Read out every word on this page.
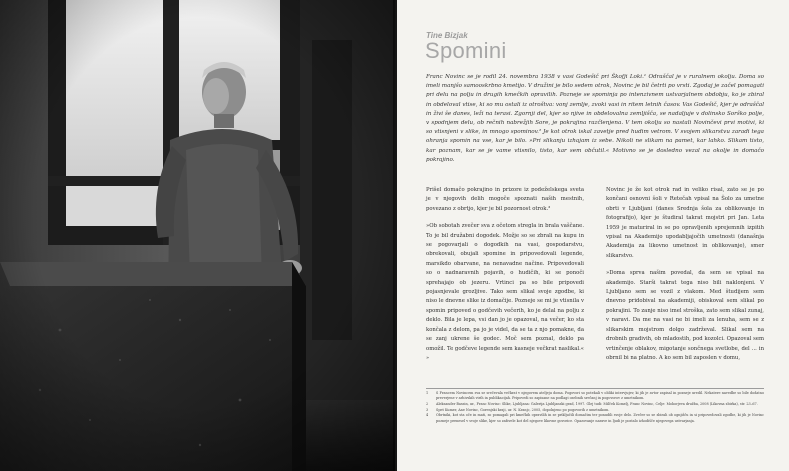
Tine Bizjak

Spomini

Franc Novinc se je rodil 24. novembra 1938 v vasi Godešič pri Škofji Loki.¹ Odraščal je v ruralnem okolju. Doma so imeli manjšo samooskrbno kmetijo. V družini je bilo sedem otrok, Novinc je bil četrti po vrsti. Zgodaj je začel pomagati pri delu na polju in drugih kmečkih opravilih. Pozneje se spominja po intenzivnem ustvarjalnem obdobju, ko je zbiral in obdeloval vtise, ki so mu ostali iz otroštva: vonj zemlje, zvoki vasi in ritem letnih časov. Vas Godešič, kjer je odraščal in živi še danes, leži na terasi. Zgornji del, kjer so njive in obdelovalna zemljišča, se nadaljuje v dolinsko Sorško polje, v spodnjem delu, ob rečnih nabrežjih Sore, je pokrajina razčlenjena. V tem okolju so nastali Novinčevi prvi motivi, ki so vtisnjeni v slike, in mnogo spominov.² Je kot otrok iskal zavetje pred hudim vetrom. V svojem slikarstvu zaradi tega ohranja spomin na vse, kar je bilo. »Pri slikanju izhajam iz sebe. Nikoli ne slikam na pamet, kar lahko. Slikam tisto, kar poznam, kar se je vame vtisnilo, tisto, kar sem občutil.« Motivno se je dosledno vezal na okolje in domačo pokrajino.

Prišel domačo pokrajino in prizore iz podeželskega sveta je v njegovih delih mogoče spoznati naših mestnih, povezano z obrtjo, kjer je bil pozornost otrok.³

»Ob sobotah zvečer sva z očetom stregla in brala vaščane. To je bil družabni dogodek. Možje so se zbrali na kupu in se pogovarjali o dogodkih na vasi, gospodarstvu, obrekovali, obujali spomine in pripovedovali legende, marsikdo obarvane, na nenavadne načine. Pripovedovali so o nadnaravnih pojavih, o hudičih, ki se ponoči sprehajajo ob jezeru. Vrtinci pa so bile pripovedi pojasnjevale grozljive. Tako sem slikal svoje zgodbe, ki niso le dnevne slike iz domačije. Pozneje se mi je vtisnila v spomin pripoved o godčevih večerih, ko je delal na polju z deklo. Bila je lepa, vsi dan jo je opazoval, na večer, ko sta končala z delom, pa jo je videl, da se ta z njo pomakne, da se zanj ukrene še godec. Moč sem poznal, deklo pa omožil. Te godčeve legende sem kasneje večkrat naslikal.« »

Novinc je že kot otrok rad in veliko risal, zato se je po končani osnovni šoli v Retečah vpisal na Šolo za umetne obrti v Ljubljani (danes Srednja šola za oblikovanje in fotografijo), kjer je študiral takrat mojstri pri Jan. Leta 1959 je maturiral in se po opravljenih sprejemnih izpitih vpisal na Akademijo upodabljajočih umetnosti (današnja Akademija za likovno umetnost in oblikovanje), smer slikarstvo.

»Doma sprva našim povedal, da sem se vpisal na akademijo. Starši takrat tega niso bili naklonjeni. V Ljubljano sem se vozil z vlakom. Med študijem sem dnevno pridobival na akademiji, obiskoval sem slikal po pokrajini. To zanje niso imel stroška, zato sem slikal zunaj, v naravi. Da me na vasi ne bi imeli za lenuha, sem se z slikarskim mojstrom dolgo zadrževal. Slikal sem na drobnih gradivih, ob mladostih, pod kozolci. Opazoval sem vrtinčenje oblakov, migotanje sončnega svetlobe, del ... in obrnil bi na platno. A ko sem bil zaposlen v domu,

1 S Francem Novincem sva se srečevala večkrat v njegovem ateljeju doma. Pogovori so potekali v obliki intervjujev, ki jih je avtor zapisal in pozneje uredil. Nekatere navedbe so bile dodatno preverjene v arhivskih virih in publikacijah. Pripovedi so zapisane na podlagi osebnih srečanj in pogovorov z umetnikom.
2 Aleksander Bassin, ur., Franc Novinc: Slike, Ljubljana: Galerija Ljubljanski grad, 1997. Glej tudi: Milček Komelj, Franc Novinc, Celje: Mohorjeva družba, 2008 (Likovna zbirka), str. 23–67.
3 Spet Kumer, Ane Novinc, Gorenjski kraji, ur. N. Kranjc, 2005, dopolnjeno po pogovorih z umetnikom.
4 Obrtniki, kot sta oče in mati, so pomagali pri kmečkih opravilih in se priključili domačim ter ponudili svoje delo. Zvečer so se zbirali ob ognjišču in si pripovedovali zgodbe, ki jih je Novinc pozneje prenesel v svoje slike, kjer so zaživele kot del njegove likovne govorice. Opazovanje narave in ljudi je postalo izhodišče njegovega ustvarjanja.
